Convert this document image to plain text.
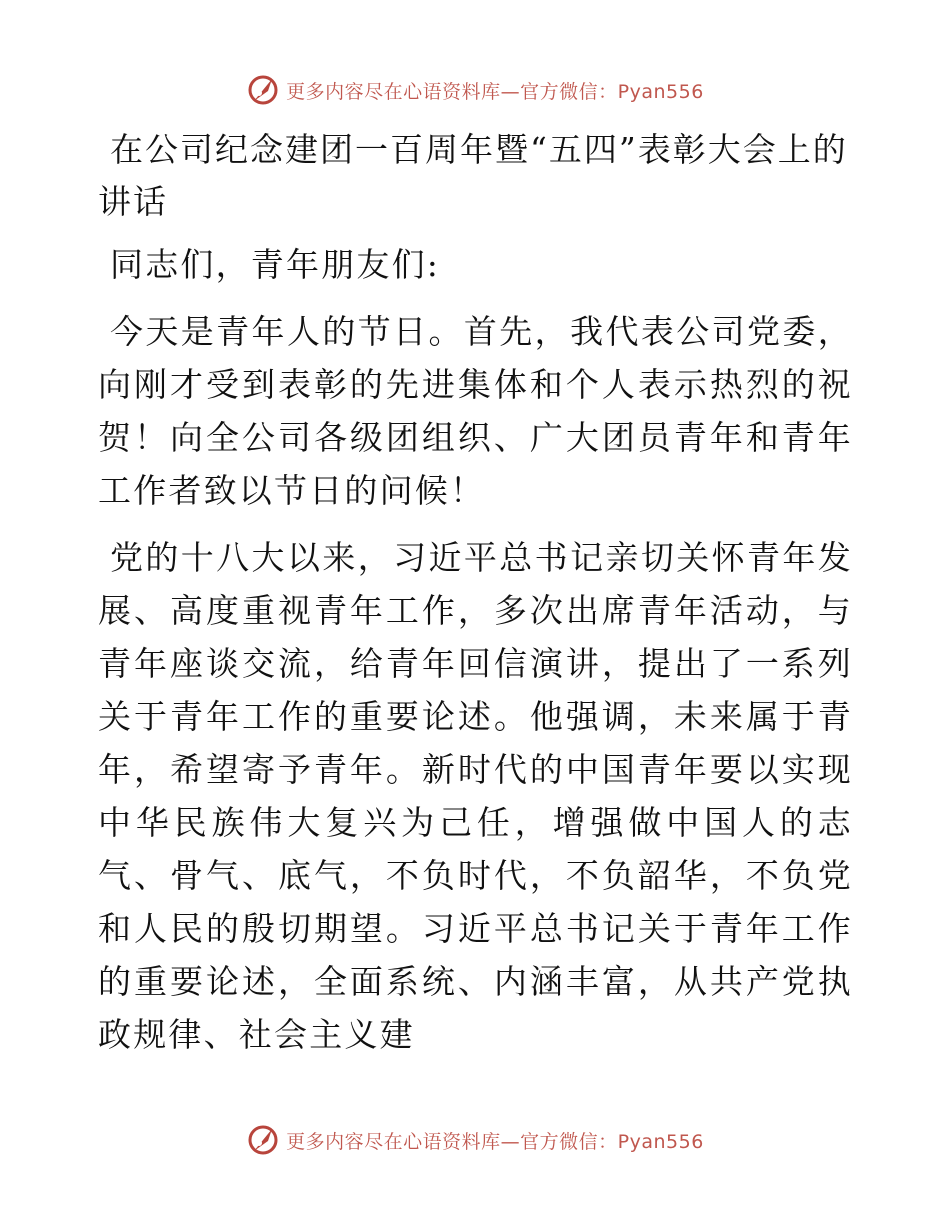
更多内容尽在心语资料库—官方微信：Pyan556
在公司纪念建团一百周年暨“五四”表彰大会上的讲话

同志们，青年朋友们:

今天是青年人的节日。首先，我代表公司党委，向刚才受到表彰的先进集体和个人表示热烈的祝贺！向全公司各级团组织、广大团员青年和青年工作者致以节日的问候！

党的十八大以来，习近平总书记亲切关怀青年发展、高度重视青年工作，多次出席青年活动，与青年座谈交流，给青年回信演讲，提出了一系列关于青年工作的重要论述。他强调，未来属于青年，希望寄予青年。新时代的中国青年要以实现中华民族伟大复兴为己任，增强做中国人的志气、骨气、底气，不负时代，不负韶华，不负党和人民的殷切期望。习近平总书记关于青年工作的重要论述，全面系统、内涵丰富，从共产党执政规律、社会主义建

更多内容尽在心语资料库—官方微信：Pyan556
